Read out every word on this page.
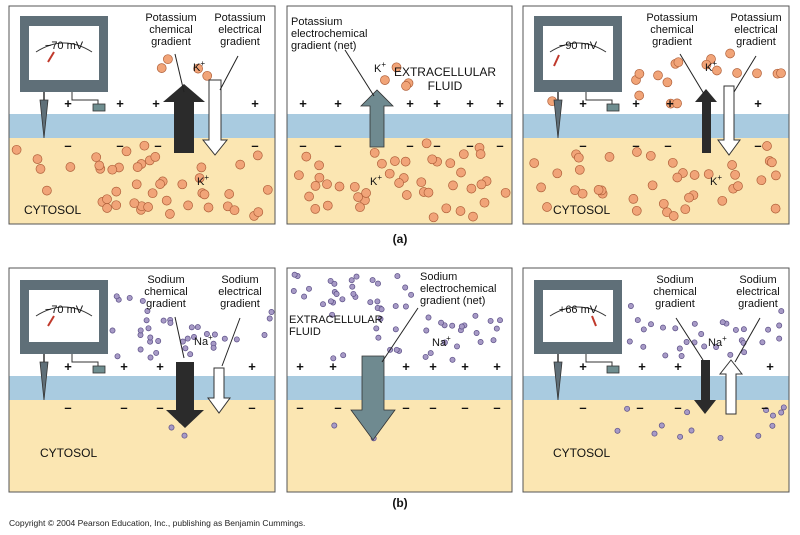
−70 mV
+	+ +	+
–	– –	–
Potassium chemical gradient
Potassium electrical gradient
K+
K+
CYTOSOL
+ +	+ + + +
– –	– – – –
Potassium electrochemical gradient (net)
K+
K+
EXTRACELLULAR FLUID
−90 mV
+	+ +	+
–	– –	–
Potassium chemical gradient
Potassium electrical gradient
K+
K+
CYTOSOL
(a)
−70 mV
+	+ +	+
–	– –	–
Sodium chemical gradient
Sodium electrical gradient
Na+
CYTOSOL
+ +	+ + + +
– –	– – – –
Sodium electrochemical gradient (net)
Na+
EXTRACELLULAR FLUID
+66 mV
+	+ +	+
–	– –	–
Sodium chemical gradient
Sodium electrical gradient
Na+
CYTOSOL
(b)
Copyright © 2004 Pearson Education, Inc., publishing as Benjamin Cummings.
